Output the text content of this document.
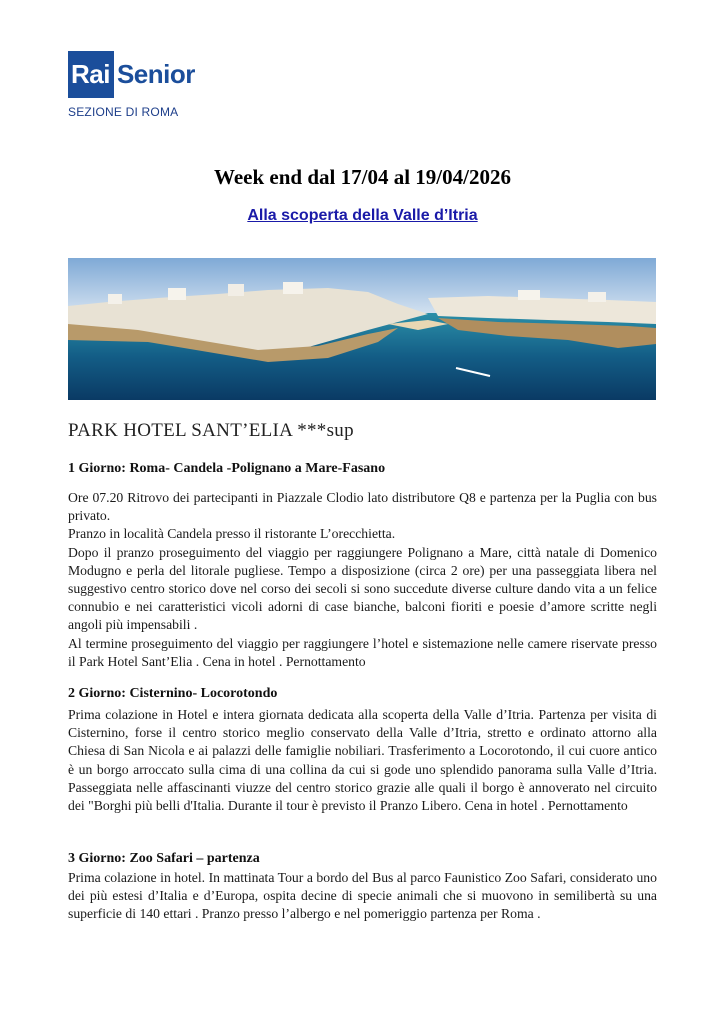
Rai Senior
SEZIONE DI ROMA
Week end dal 17/04 al 19/04/2026
Alla scoperta della Valle d’Itria
PARK HOTEL SANT’ELIA ***sup
1 Giorno: Roma- Candela -Polignano a Mare-Fasano

Ore 07.20 Ritrovo dei partecipanti in Piazzale Clodio lato distributore Q8 e partenza per la Puglia con bus privato.

Pranzo in località Candela presso il ristorante L’orecchietta.

Dopo il pranzo proseguimento del viaggio per raggiungere Polignano a Mare, città natale di Domenico Modugno e perla del litorale pugliese. Tempo a disposizione (circa 2 ore) per una passeggiata libera nel suggestivo centro storico dove nel corso dei secoli si sono succedute diverse culture dando vita a un felice connubio e nei caratteristici vicoli adorni di case bianche, balconi fioriti e poesie d’amore scritte negli angoli più impensabili .

Al termine proseguimento del viaggio per raggiungere l’hotel e sistemazione nelle camere riservate presso il Park Hotel Sant’Elia . Cena in hotel . Pernottamento

2 Giorno: Cisternino- Locorotondo

Prima colazione in Hotel e intera giornata dedicata alla scoperta della Valle d’Itria. Partenza per visita di Cisternino, forse il centro storico meglio conservato della Valle d’Itria, stretto e ordinato attorno alla Chiesa di San Nicola e ai palazzi delle famiglie nobiliari. Trasferimento a Locorotondo, il cui cuore antico è un borgo arroccato sulla cima di una collina da cui si gode uno splendido panorama sulla Valle d’Itria. Passeggiata nelle affascinanti viuzze del centro storico grazie alle quali il borgo è annoverato nel circuito dei "Borghi più belli d'Italia. Durante il tour è previsto il Pranzo Libero. Cena in hotel . Pernottamento

3 Giorno: Zoo Safari – partenza

Prima colazione in hotel. In mattinata Tour a bordo del Bus al parco Faunistico Zoo Safari, considerato uno dei più estesi d’Italia e d’Europa, ospita decine di specie animali che si muovono in semilibertà su una superficie di 140 ettari . Pranzo presso l’albergo e nel pomeriggio partenza per Roma .
